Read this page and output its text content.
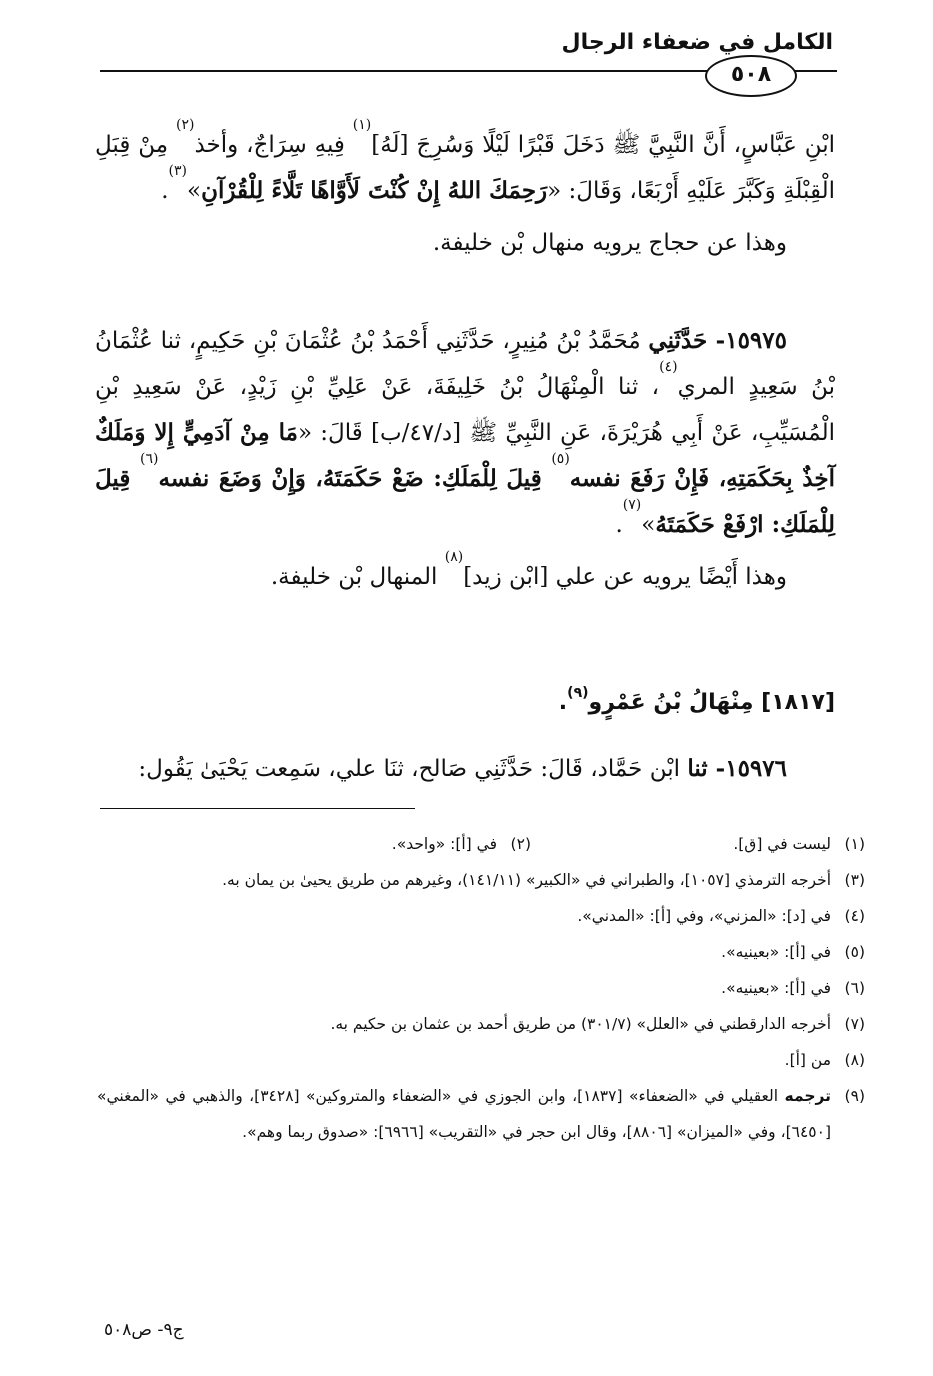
الكامل في ضعفاء الرجال
٥٠٨

ابْنِ عَبَّاسٍ، أَنَّ النَّبِيَّ ﷺ دَخَلَ قَبْرًا لَيْلًا وَسُرِجَ [لَهُ]$^{(١)}$ فِيهِ سِرَاجٌ، وأخذ$^{(٢)}$ مِنْ قِبَلِ الْقِبْلَةِ وَكَبَّرَ عَلَيْهِ أَرْبَعًا، وَقَالَ: «رَحِمَكَ اللهُ إِنْ كُنْتَ لَأَوَّاهًا تَلَّاءً لِلْقُرْآنِ»$^{(٣)}$.

وهذا عن حجاج يرويه منهال بْن خليفة.

١٥٩٧٥- حَدَّثَنِي مُحَمَّدُ بْنُ مُنِيرٍ، حَدَّثَنِي أَحْمَدُ بْنُ عُثْمَانَ بْنِ حَكِيمٍ، ثنا عُثْمَانُ بْنُ سَعِيدٍ المري$^{(٤)}$، ثنا الْمِنْهَالُ بْنُ خَلِيفَةَ، عَنْ عَلِيِّ بْنِ زَيْدٍ، عَنْ سَعِيدِ بْنِ الْمُسَيِّبِ، عَنْ أَبِي هُرَيْرَةَ، عَنِ النَّبِيِّ ﷺ [د/٤٧/ب] قَالَ: «مَا مِنْ آدَمِيٍّ إِلا وَمَلَكٌ آخِذٌ بِحَكَمَتِهِ، فَإِنْ رَفَعَ نفسه$^{(٥)}$ قِيلَ لِلْمَلَكِ: ضَعْ حَكَمَتَهُ، وَإِنْ وَضَعَ نفسه$^{(٦)}$ قِيلَ لِلْمَلَكِ: ارْفَعْ حَكَمَتَهُ»$^{(٧)}$.

وهذا أَيْضًا يرويه عن علي [ابْن زيد]$^{(٨)}$ المنهال بْن خليفة.

[١٨١٧] مِنْهَالُ بْنُ عَمْرٍو$^{(٩)}$.

١٥٩٧٦- ثنا ابْن حَمَّاد، قَالَ: حَدَّثَنِي صَالح، ثنَا علي، سَمِعت يَحْيَىٰ يَقُول:

(١)
ليست في [ق].
(٢)
في [أ]: «واحد».
(٣)
أخرجه الترمذي [١٠٥٧]، والطبراني في «الكبير» (١٤١/١١)، وغيرهم من طريق يحيىٰ بن يمان به.
(٤)
في [د]: «المزني»، وفي [أ]: «المدني».
(٥)
في [أ]: «بعينيه».
(٦)
في [أ]: «بعينيه».
(٧)
أخرجه الدارقطني في «العلل» (٣٠١/٧) من طريق أحمد بن عثمان بن حكيم به.
(٨)
من [أ].
(٩)
ترجمه العقيلي في «الضعفاء» [١٨٣٧]، وابن الجوزي في «الضعفاء والمتروكين» [٣٤٢٨]، والذهبي في «المغني» [٦٤٥٠]، وفي «الميزان» [٨٨٠٦]، وقال ابن حجر في «التقريب» [٦٩٦٦]: «صدوق ربما وهم».
ج٩- ص٥٠٨
